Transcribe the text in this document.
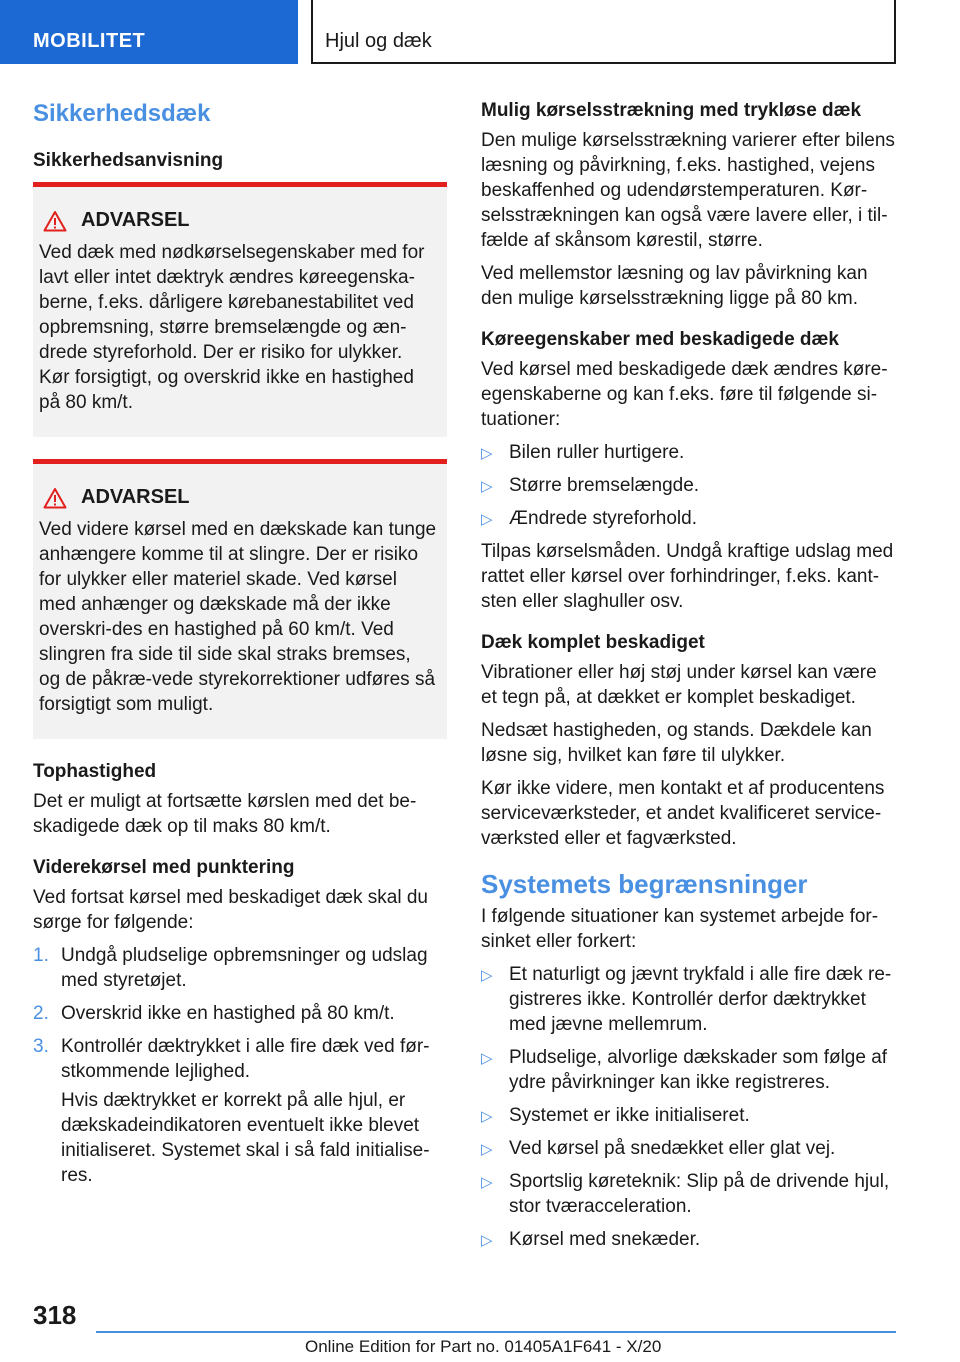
MOBILITET	Hjul og dæk
Sikkerhedsdæk
Sikkerhedsanvisning
ADVARSEL

Ved dæk med nødkørselsegenskaber med for lavt eller intet dæktryk ændres køreegenska-berne, f.eks. dårligere kørebanestabilitet ved opbremsning, større bremselængde og æn-drede styreforhold. Der er risiko for ulykker. Kør forsigtigt, og overskrid ikke en hastighed på 80 km/t.

ADVARSEL

Ved videre kørsel med en dækskade kan tunge anhængere komme til at slingre. Der er risiko for ulykker eller materiel skade. Ved kørsel med anhænger og dækskade må der ikke overskri-des en hastighed på 60 km/t. Ved slingren fra side til side skal straks bremses, og de påkræ-vede styrekorrektioner udføres så forsigtigt som muligt.

Tophastighed

Det er muligt at fortsætte kørslen med det be-skadigede dæk op til maks 80 km/t.

Viderekørsel med punktering

Ved fortsat kørsel med beskadiget dæk skal du sørge for følgende:

1. Undgå pludselige opbremsninger og udslag med styretøjet.
2. Overskrid ikke en hastighed på 80 km/t.
3. Kontrollér dæktrykket i alle fire dæk ved før-stkommende lejlighed.
Hvis dæktrykket er korrekt på alle hjul, er dækskadeindikatoren eventuelt ikke blevet initialiseret. Systemet skal i så fald initialise-res.
Mulig kørselsstrækning med trykløse dæk

Den mulige kørselsstrækning varierer efter bilens læsning og påvirkning, f.eks. hastighed, vejens beskaffenhed og udendørstemperaturen. Kør-selsstrækningen kan også være lavere eller, i til-fælde af skånsom kørestil, større.

Ved mellemstor læsning og lav påvirkning kan den mulige kørselsstrækning ligge på 80 km.

Køreegenskaber med beskadigede dæk

Ved kørsel med beskadigede dæk ændres køre-egenskaberne og kan f.eks. føre til følgende si-tuationer:

▷ Bilen ruller hurtigere.
▷ Større bremselængde.
▷ Ændrede styreforhold.

Tilpas kørselsmåden. Undgå kraftige udslag med rattet eller kørsel over forhindringer, f.eks. kant-sten eller slaghuller osv.

Dæk komplet beskadiget

Vibrationer eller høj støj under kørsel kan være et tegn på, at dækket er komplet beskadiget.

Nedsæt hastigheden, og stands. Dækdele kan løsne sig, hvilket kan føre til ulykker.

Kør ikke videre, men kontakt et af producentens serviceværksteder, et andet kvalificeret service-værksted eller et fagværksted.

Systemets begrænsninger

I følgende situationer kan systemet arbejde for-sinket eller forkert:

▷ Et naturligt og jævnt trykfald i alle fire dæk re-gistreres ikke. Kontrollér derfor dæktrykket med jævne mellemrum.
▷ Pludselige, alvorlige dækskader som følge af ydre påvirkninger kan ikke registreres.
▷ Systemet er ikke initialiseret.
▷ Ved kørsel på snedækket eller glat vej.
▷ Sportslig køreteknik: Slip på de drivende hjul, stor tværacceleration.
▷ Kørsel med snekæder.
318
Online Edition for Part no. 01405A1F641 - X/20
